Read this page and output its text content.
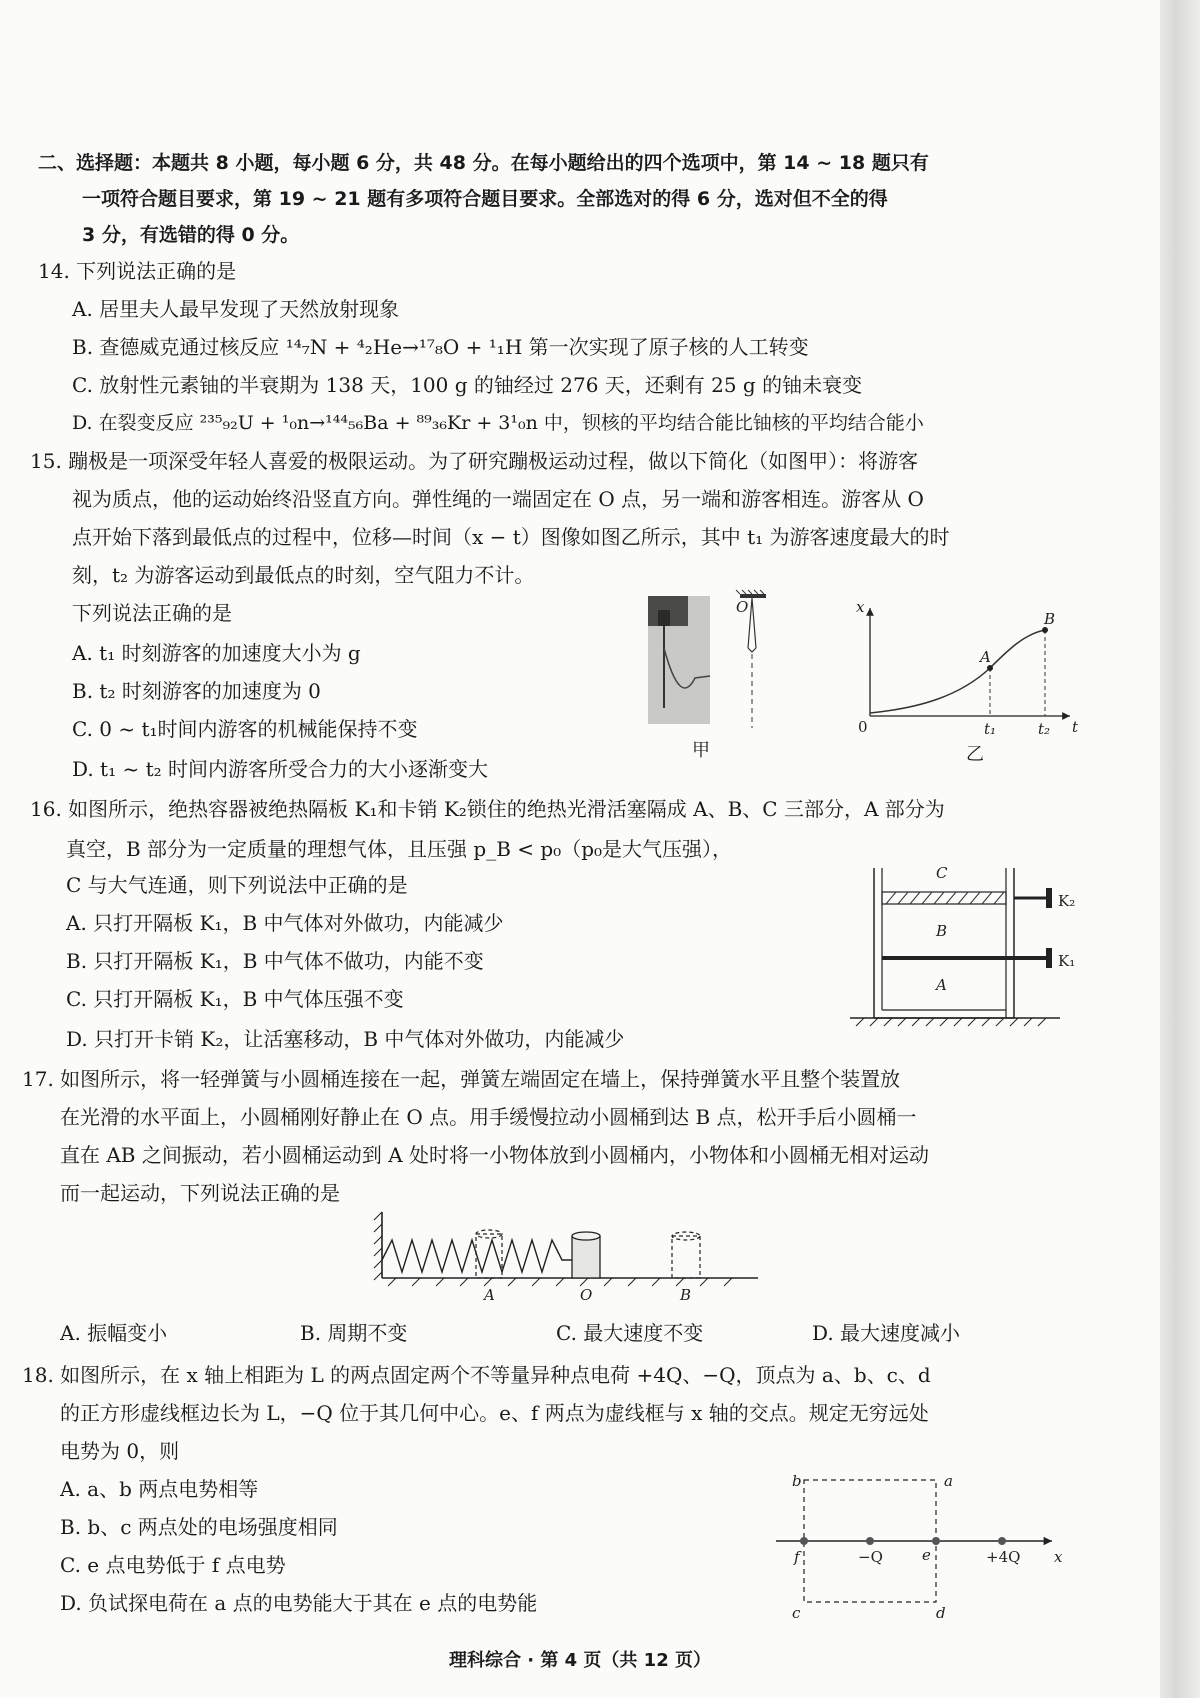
二、选择题：本题共 8 小题，每小题 6 分，共 48 分。在每小题给出的四个选项中，第 14 ~ 18 题只有
一项符合题目要求，第 19 ~ 21 题有多项符合题目要求。全部选对的得 6 分，选对但不全的得
3 分，有选错的得 0 分。
14. 下列说法正确的是
A. 居里夫人最早发现了天然放射现象
B. 查德威克通过核反应 ¹⁴₇N + ⁴₂He→¹⁷₈O + ¹₁H 第一次实现了原子核的人工转变
C. 放射性元素铀的半衰期为 138 天，100 g 的铀经过 276 天，还剩有 25 g 的铀未衰变
D. 在裂变反应 ²³⁵₉₂U + ¹₀n→¹⁴⁴₅₆Ba + ⁸⁹₃₆Kr + 3¹₀n 中，钡核的平均结合能比铀核的平均结合能小
15. 蹦极是一项深受年轻人喜爱的极限运动。为了研究蹦极运动过程，做以下简化（如图甲）：将游客
视为质点，他的运动始终沿竖直方向。弹性绳的一端固定在 O 点，另一端和游客相连。游客从 O
点开始下落到最低点的过程中，位移—时间（x − t）图像如图乙所示，其中 t₁ 为游客速度最大的时
刻，t₂ 为游客运动到最低点的时刻，空气阻力不计。
下列说法正确的是
A. t₁ 时刻游客的加速度大小为 g
B. t₂ 时刻游客的加速度为 0
C. 0 ~ t₁时间内游客的机械能保持不变
D. t₁ ~ t₂ 时间内游客所受合力的大小逐渐变大
O
甲
x
t
0
A
B
t₁	t₂
乙
16. 如图所示，绝热容器被绝热隔板 K₁和卡销 K₂锁住的绝热光滑活塞隔成 A、B、C 三部分，A 部分为
真空，B 部分为一定质量的理想气体，且压强 p_B < p₀（p₀是大气压强），
C 与大气连通，则下列说法中正确的是
A. 只打开隔板 K₁，B 中气体对外做功，内能减少
B. 只打开隔板 K₁，B 中气体不做功，内能不变
C. 只打开隔板 K₁，B 中气体压强不变
D. 只打开卡销 K₂，让活塞移动，B 中气体对外做功，内能减少
K₂
K₁
C
B
A
17. 如图所示，将一轻弹簧与小圆桶连接在一起，弹簧左端固定在墙上，保持弹簧水平且整个装置放
在光滑的水平面上，小圆桶刚好静止在 O 点。用手缓慢拉动小圆桶到达 B 点，松开手后小圆桶一
直在 AB 之间振动，若小圆桶运动到 A 处时将一小物体放到小圆桶内，小物体和小圆桶无相对运动
而一起运动，下列说法正确的是
A	O	B
A. 振幅变小	B. 周期不变	C. 最大速度不变	D. 最大速度减小
18. 如图所示，在 x 轴上相距为 L 的两点固定两个不等量异种点电荷 +4Q、−Q，顶点为 a、b、c、d
的正方形虚线框边长为 L，−Q 位于其几何中心。e、f 两点为虚线框与 x 轴的交点。规定无穷远处
电势为 0，则
A. a、b 两点电势相等
B. b、c 两点处的电场强度相同
C. e 点电势低于 f 点电势
D. 负试探电荷在 a 点的电势能大于其在 e 点的电势能
b	a
c	d
f	e
−Q	+4Q x
理科综合 · 第 4 页（共 12 页）
